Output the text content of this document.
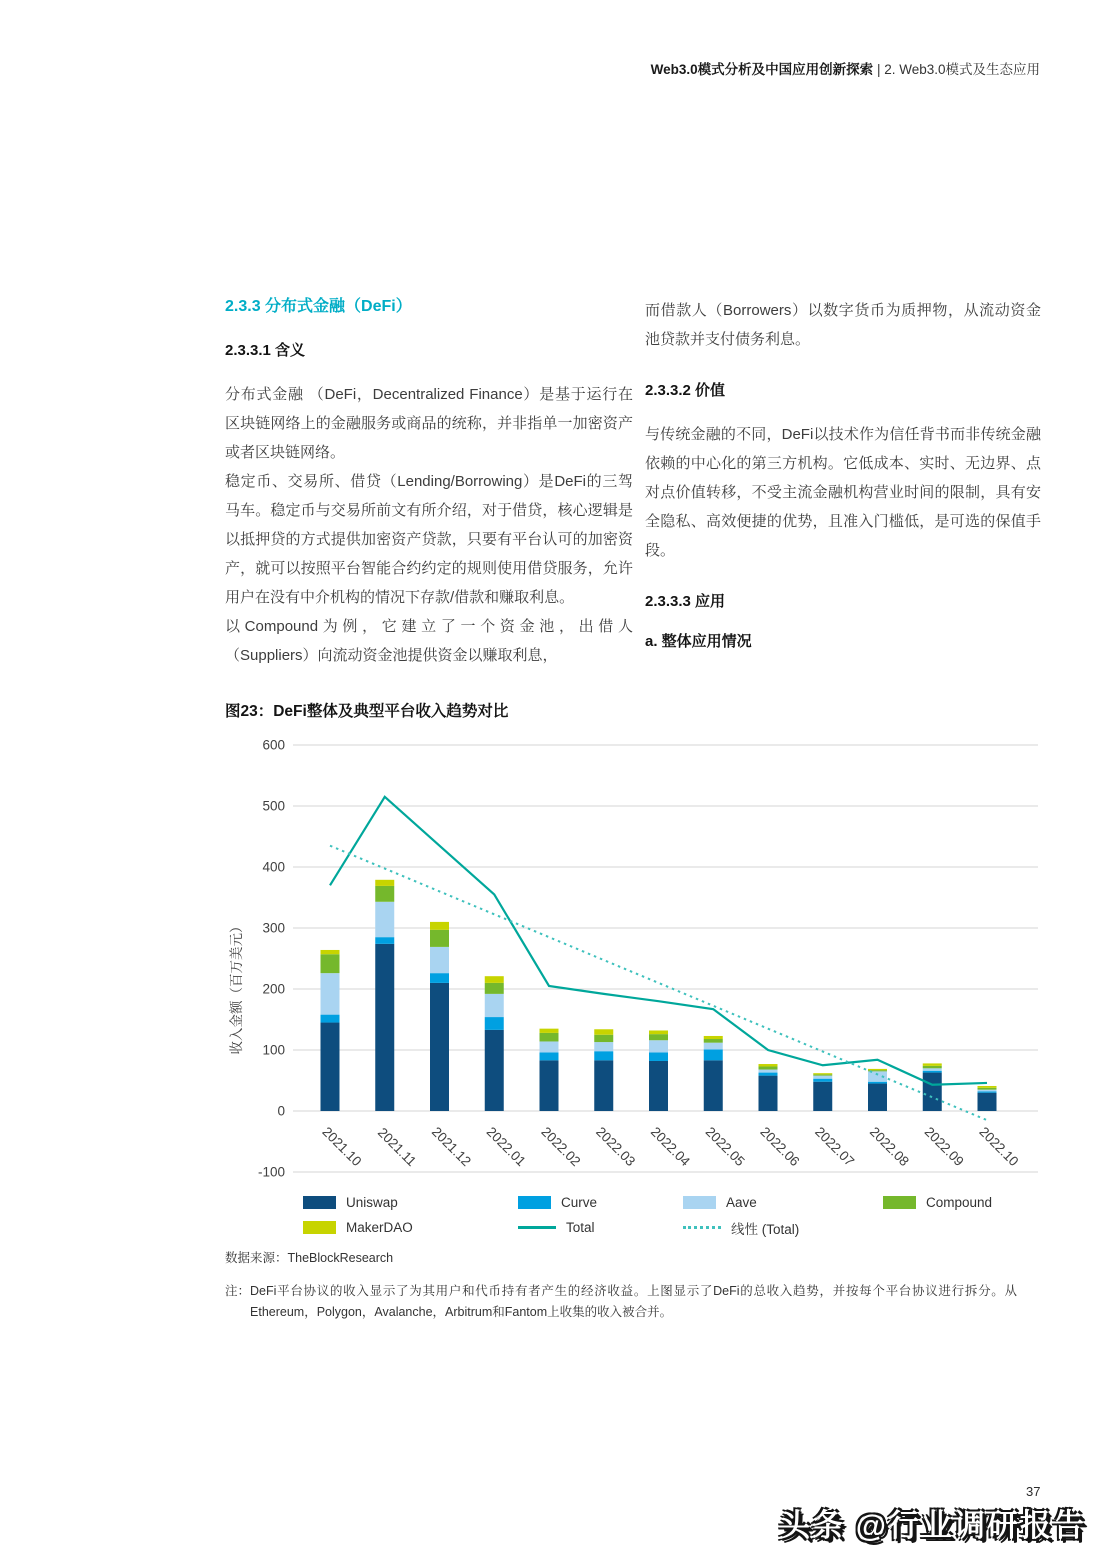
Web3.0模式分析及中国应用创新探索 | 2. Web3.0模式及生态应用

2.3.3 分布式金融（DeFi）

2.3.3.1 含义

分布式金融 （DeFi，Decentralized Finance）是基于运行在区块链网络上的金融服务或商品的统称，并非指单一加密资产或者区块链网络。

稳定币、交易所、借贷（Lending/Borrowing）是DeFi的三驾马车。稳定币与交易所前文有所介绍，对于借贷，核心逻辑是以抵押贷的方式提供加密资产贷款，只要有平台认可的加密资产，就可以按照平台智能合约约定的规则使用借贷服务，允许用户在没有中介机构的情况下存款/借款和赚取利息。

以Compound为例，它建立了一个资金池，出借人（Suppliers）向流动资金池提供资金以赚取利息，

而借款人（Borrowers）以数字货币为质押物，从流动资金池贷款并支付债务利息。

2.3.3.2 价值

与传统金融的不同，DeFi以技术作为信任背书而非传统金融依赖的中心化的第三方机构。它低成本、实时、无边界、点对点价值转移，不受主流金融机构营业时间的限制，具有安全隐私、高效便捷的优势，且准入门槛低，是可选的保值手段。

2.3.3.3 应用

a. 整体应用情况

图23：DeFi整体及典型平台收入趋势对比
-100
0
100
200
300
400
500
600
收入金额（百万美元）
2021.10 2021.11 2021.12 2022.01 2022.02 2022.03 2022.04 2022.05 2022.06 2022.07 2022.08 2022.09 2022.10
Uniswap	Curve	Aave	Compound
MakerDAO	Total	线性 (Total)
数据来源：TheBlockResearch
注： DeFi平台协议的收入显示了为其用户和代币持有者产生的经济收益。上图显示了DeFi的总收入趋势，并按每个平台协议进行拆分。从Ethereum，Polygon，Avalanche，Arbitrum和Fantom上收集的收入被合并。
37
头条 @行业调研报告
